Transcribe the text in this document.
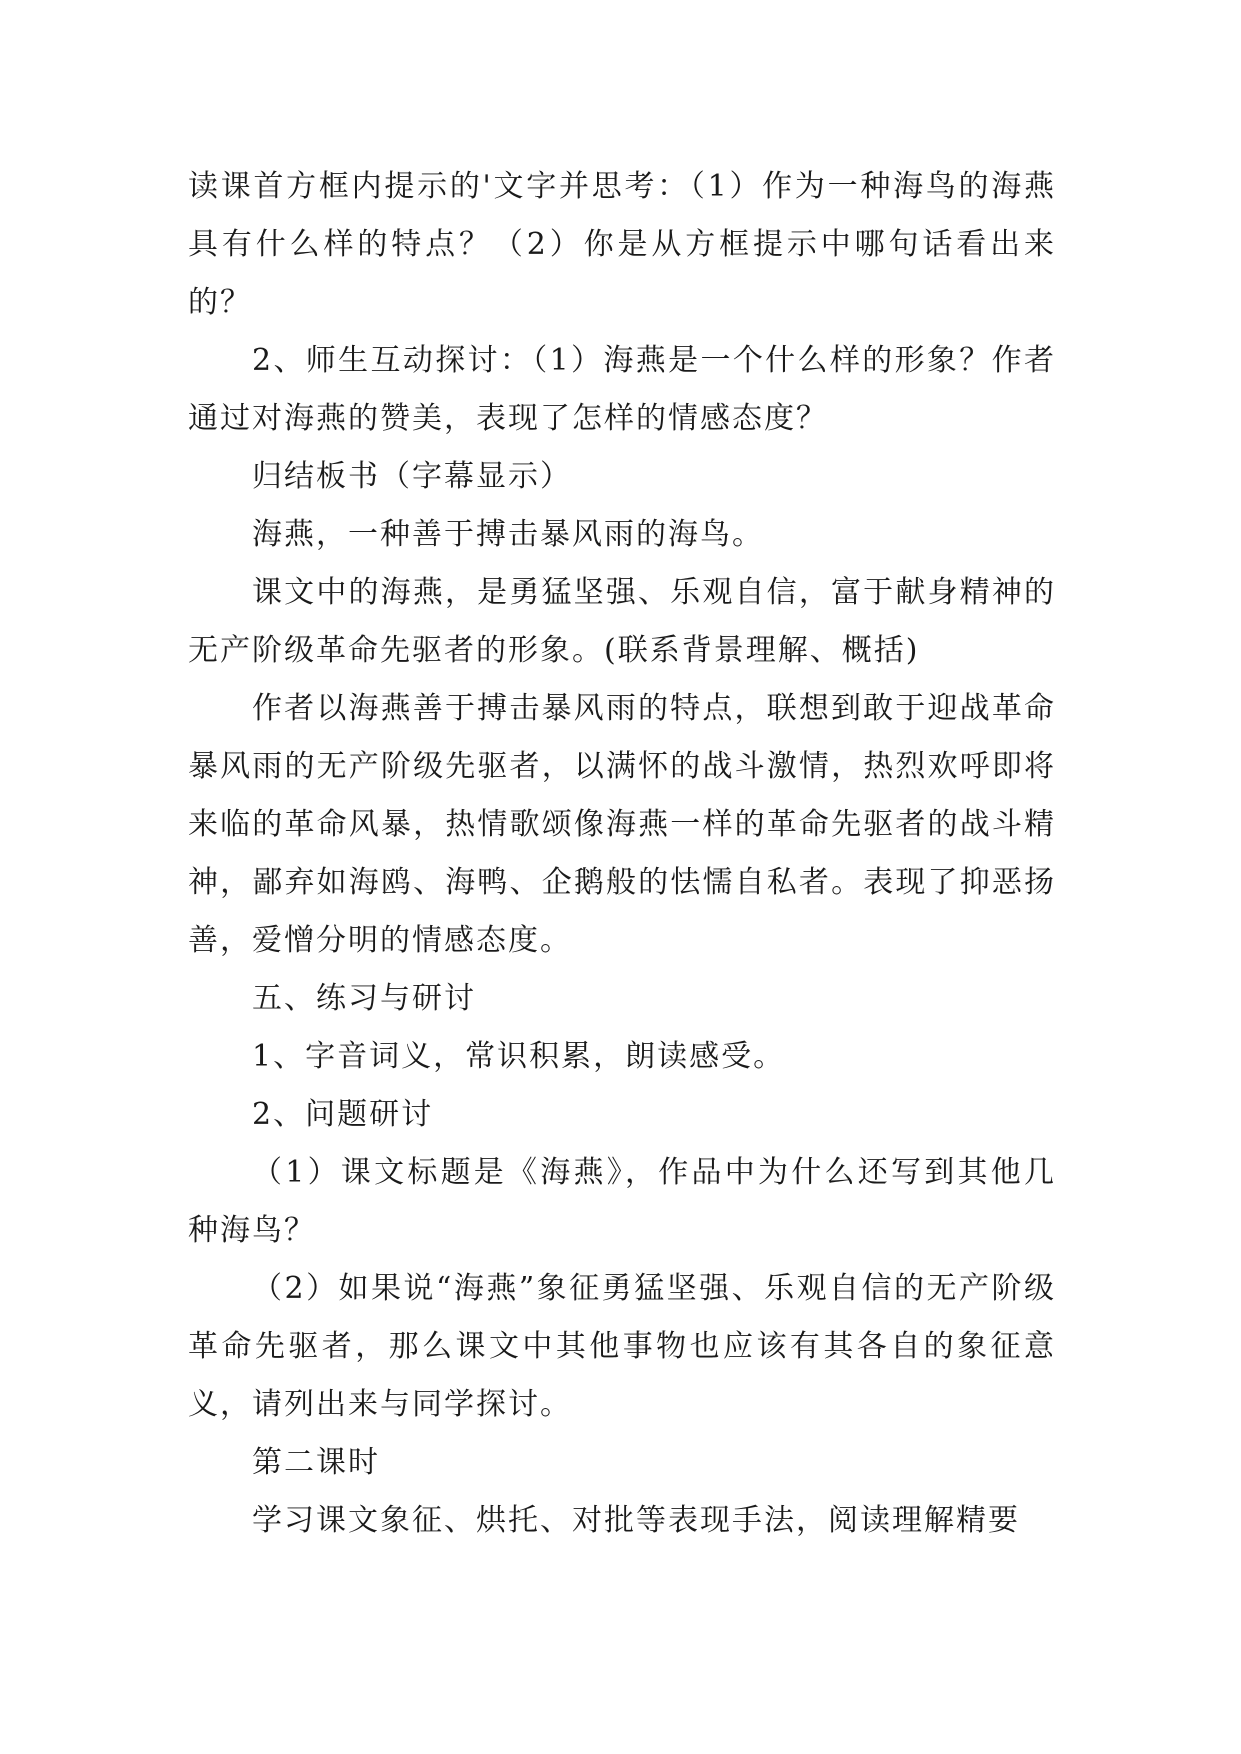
读课首方框内提示的'文字并思考：（1）作为一种海鸟的海燕具有什么样的特点？（2）你是从方框提示中哪句话看出来的？

2、师生互动探讨：（1）海燕是一个什么样的形象？作者通过对海燕的赞美，表现了怎样的情感态度？

归结板书（字幕显示）

海燕，一种善于搏击暴风雨的海鸟。

课文中的海燕，是勇猛坚强、乐观自信，富于献身精神的无产阶级革命先驱者的形象。(联系背景理解、概括)

作者以海燕善于搏击暴风雨的特点，联想到敢于迎战革命暴风雨的无产阶级先驱者，以满怀的战斗激情，热烈欢呼即将来临的革命风暴，热情歌颂像海燕一样的革命先驱者的战斗精神，鄙弃如海鸥、海鸭、企鹅般的怯懦自私者。表现了抑恶扬善，爱憎分明的情感态度。

五、练习与研讨

1、字音词义，常识积累，朗读感受。

2、问题研讨

（1）课文标题是《海燕》，作品中为什么还写到其他几种海鸟？

（2）如果说“海燕”象征勇猛坚强、乐观自信的无产阶级革命先驱者，那么课文中其他事物也应该有其各自的象征意义，请列出来与同学探讨。

第二课时

学习课文象征、烘托、对批等表现手法，阅读理解精要
